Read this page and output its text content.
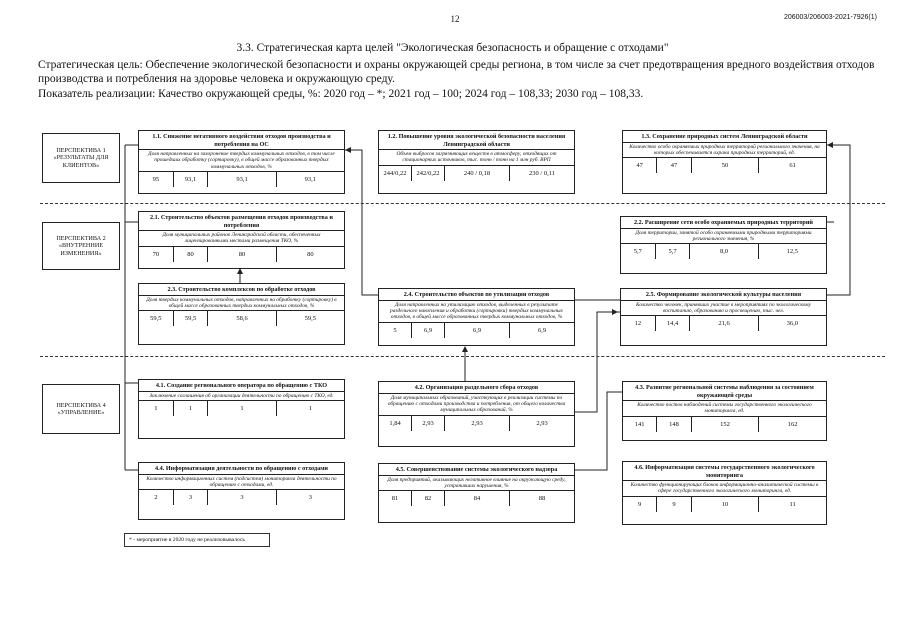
12	206003/206003-2021-7926(1)
3.3. Стратегическая карта целей "Экологическая безопасность и обращение с отходами"
Стратегическая цель: Обеспечение экологической безопасности и охраны окружающей среды региона, в том числе за счет предотвращения вредного воздействия отходов производства и потребления на здоровье человека и окружающую среду.
Показатель реализации: Качество окружающей среды, %: 2020 год – *; 2021 год – 100; 2024 год – 108,33; 2030 год – 108,33.
ПЕРСПЕКТИВА 1 «РЕЗУЛЬТАТЫ ДЛЯ КЛИЕНТОВ»
ПЕРСПЕКТИВА 2 «ВНУТРЕННИЕ ИЗМЕНЕНИЯ»
ПЕРСПЕКТИВА 4 «УПРАВЛЕНИЕ»
1.1. Снижение негативного воздействия отходов производства и потребления на ОС
Доля направленных на захоронение твердых коммунальных отходов, в том числе прошедших обработку (сортировку), в общей массе образованных твердых коммунальных отходов, %
95	93,1	93,1	93,1
1.2. Повышение уровня экологической безопасности населения Ленинградской области
Объем выбросов загрязняющих веществ в атмосферу, отходящих от стационарных источников, тыс. тонн / тонн на 1 млн руб. ВРП
244/0,22	242/0,22	240 / 0,18	230 / 0,11
1.3. Сохранение природных систем Ленинградской области
Количество особо охраняемых природных территорий регионального значения, на которых обеспечивается охрана природных территорий, ед.
47	47	50	61
2.1. Строительство объектов размещения отходов производства и потребления
Доля муниципальных районов Ленинградской области, обеспеченных лицензированными местами размещения ТКО, %
70	80	80	80
2.2. Расширение сети особо охраняемых природных территорий
Доля территории, занятой особо охраняемыми природными территориями регионального значения, %
5,7	5,7	8,0	12,5
2.3. Строительство комплексов по обработке отходов
Доля твердых коммунальных отходов, направленных на обработку (сортировку) в общей массе образованных твердых коммунальных отходов, %
59,5	59,5	58,6	59,5
2.4. Строительство объектов по утилизации отходов
Доля направленных на утилизацию отходов, выделенных в результате раздельного накопления и обработки (сортировки) твердых коммунальных отходов, в общей массе образованных твердых коммунальных отходов, %
5	6,9	6,9	6,9
2.5. Формирование экологической культуры населения
Количество человек, принявших участие в мероприятиях по экологическому воспитанию, образованию и просвещению, тыс. чел.
12	14,4	21,6	36,0
4.1. Создание регионального оператора по обращению с ТКО
Заключение соглашения об организации деятельности по обращению с ТКО, ед.
1	1	1	1
4.2. Организация раздельного сбора отходов
Доля муниципальных образований, участвующих в реализации системы по обращению с отходами производства и потребления, от общего количества муниципальных образований, %
1,84	2,93	2,93	2,93
4.3. Развитие региональной системы наблюдения за состоянием окружающей среды
Количество постов наблюдений системы государственного экологического мониторинга, ед.
141	148	152	162
4.4. Информатизация деятельности по обращению с отходами
Количество информационных систем (подсистем) мониторинга деятельности по обращению с отходами, ед.
2	3	3	3
4.5. Совершенствование системы экологического надзора
Доля предприятий, оказывающих негативное влияние на окружающую среду, устранивших нарушения, %
81	82	84	88
4.6. Информатизация системы государственного экологического мониторинга
Количество функционирующих блоков информационно-аналитической системы в сфере государственного экологического мониторинга, ед.
9	9	10	11
* - мероприятие в 2020 году не реализовывалось
